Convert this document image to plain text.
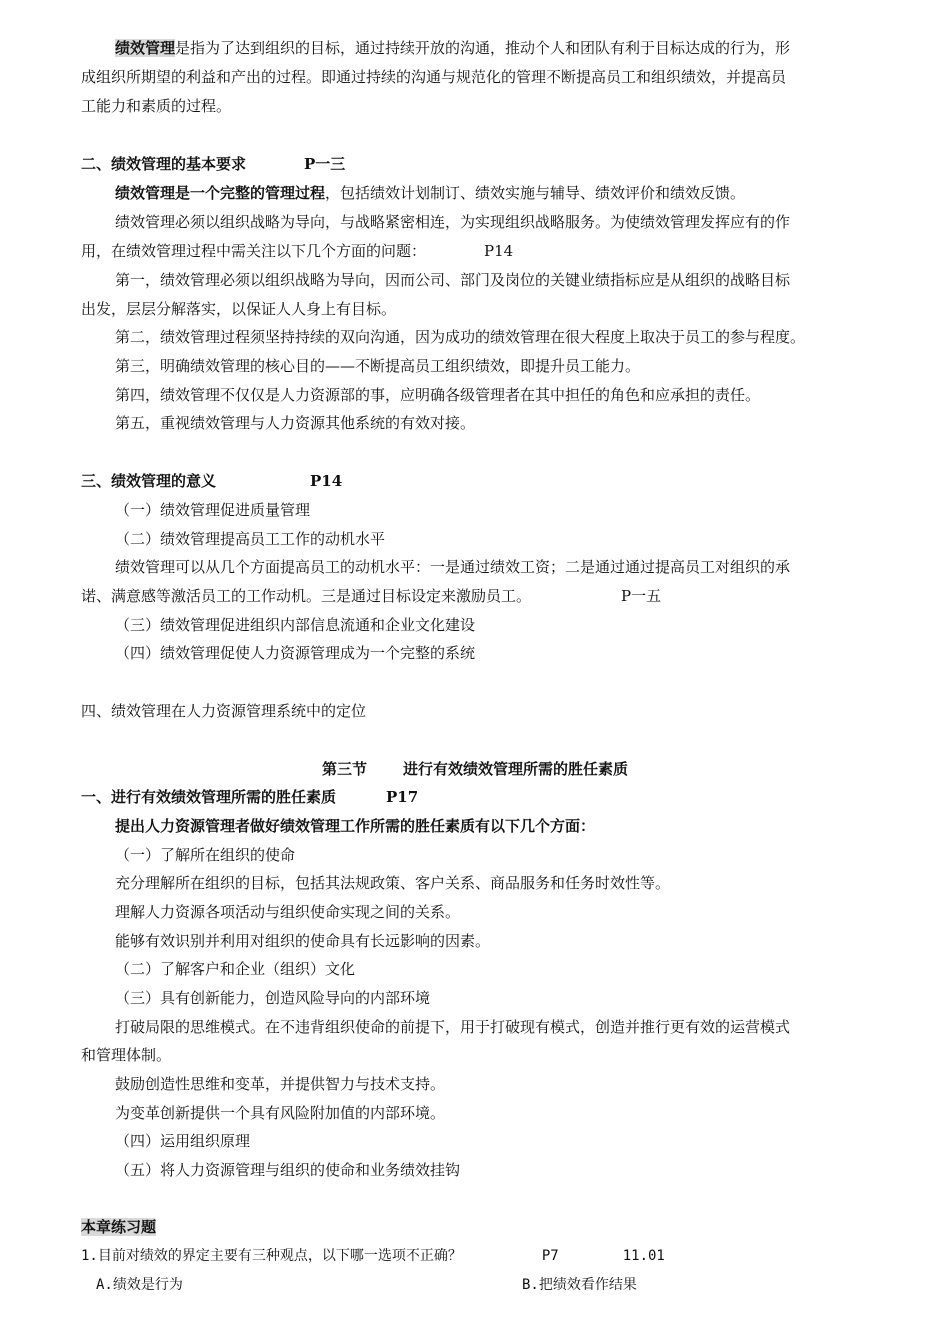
绩效管理是指为了达到组织的目标，通过持续开放的沟通，推动个人和团队有利于目标达成的行为，形
成组织所期望的利益和产出的过程。即通过持续的沟通与规范化的管理不断提高员工和组织绩效，并提高员
工能力和素质的过程。
二、绩效管理的基本要求	P一三
绩效管理是一个完整的管理过程，包括绩效计划制订、绩效实施与辅导、绩效评价和绩效反馈。
绩效管理必须以组织战略为导向，与战略紧密相连，为实现组织战略服务。为使绩效管理发挥应有的作
用，在绩效管理过程中需关注以下几个方面的问题：	P14
第一，绩效管理必须以组织战略为导向，因而公司、部门及岗位的关键业绩指标应是从组织的战略目标
出发，层层分解落实，以保证人人身上有目标。
第二，绩效管理过程须坚持持续的双向沟通，因为成功的绩效管理在很大程度上取决于员工的参与程度。
第三，明确绩效管理的核心目的——不断提高员工组织绩效，即提升员工能力。
第四，绩效管理不仅仅是人力资源部的事，应明确各级管理者在其中担任的角色和应承担的责任。
第五，重视绩效管理与人力资源其他系统的有效对接。
三、绩效管理的意义	P14
（一）绩效管理促进质量管理
（二）绩效管理提高员工工作的动机水平
绩效管理可以从几个方面提高员工的动机水平：一是通过绩效工资；二是通过通过提高员工对组织的承
诺、满意感等激活员工的工作动机。三是通过目标设定来激励员工。	P一五
（三）绩效管理促进组织内部信息流通和企业文化建设
（四）绩效管理促使人力资源管理成为一个完整的系统
四、绩效管理在人力资源管理系统中的定位
第三节 进行有效绩效管理所需的胜任素质
一、进行有效绩效管理所需的胜任素质	P17
提出人力资源管理者做好绩效管理工作所需的胜任素质有以下几个方面：
（一）了解所在组织的使命
充分理解所在组织的目标，包括其法规政策、客户关系、商品服务和任务时效性等。
理解人力资源各项活动与组织使命实现之间的关系。
能够有效识别并利用对组织的使命具有长远影响的因素。
（二）了解客户和企业（组织）文化
（三）具有创新能力，创造风险导向的内部环境
打破局限的思维模式。在不违背组织使命的前提下，用于打破现有模式，创造并推行更有效的运营模式
和管理体制。
鼓励创造性思维和变革，并提供智力与技术支持。
为变革创新提供一个具有风险附加值的内部环境。
（四）运用组织原理
（五）将人力资源管理与组织的使命和业务绩效挂钩
本章练习题
1.目前对绩效的界定主要有三种观点，以下哪一选项不正确？	P7	11.01
A.绩效是行为	B.把绩效看作结果
